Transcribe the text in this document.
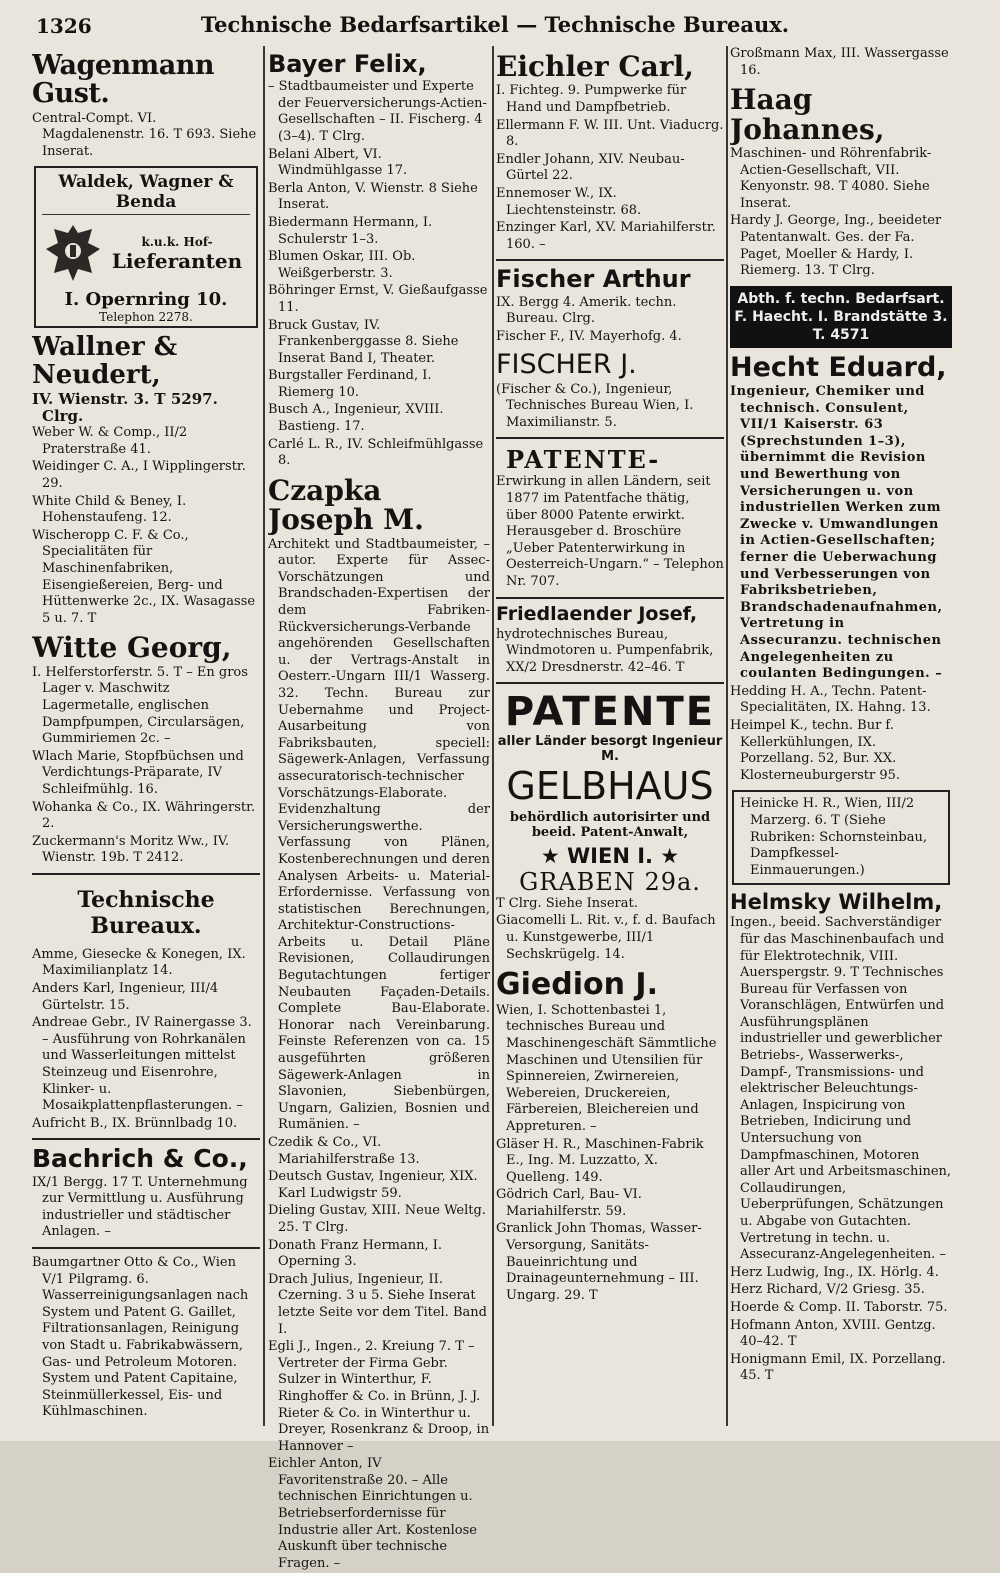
1326	Technische Bedarfsartikel — Technische Bureaux.
Wagenmann Gust.

Central-Compt. VI. Magdalenenstr. 16. T 693. Siehe Inserat.

Waldek, Wagner & Benda
k.u.k. Hof-
Lieferanten
I. Opernring 10.
Telephon 2278.
Wallner & Neudert,

IV. Wienstr. 3. T 5297. Clrg.

Weber W. & Comp., II/2 Praterstraße 41.

Weidinger C. A., I Wipplingerstr. 29.

White Child & Beney, I. Hohenstaufeng. 12.

Wischeropp C. F. & Co., Specialitäten für Maschinenfabriken, Eisengießereien, Berg- und Hüttenwerke 2c., IX. Wasagasse 5 u. 7. T

Witte Georg,

I. Helferstorferstr. 5. T – En gros Lager v. Maschwitz Lagermetalle, englischen Dampfpumpen, Circularsägen, Gummiriemen 2c. –

Wlach Marie, Stopfbüchsen und Verdichtungs-Präparate, IV Schleifmühlg. 16.

Wohanka & Co., IX. Währingerstr. 2.

Zuckermann's Moritz Ww., IV. Wienstr. 19b. T 2412.

Technische Bureaux.

Amme, Giesecke & Konegen, IX. Maximilianplatz 14.

Anders Karl, Ingenieur, III/4 Gürtelstr. 15.

Andreae Gebr., IV Rainergasse 3. – Ausführung von Rohrkanälen und Wasserleitungen mittelst Steinzeug und Eisenrohre, Klinker- u. Mosaikplattenpflasterungen. –

Aufricht B., IX. Brünnlbadg 10.

Bachrich & Co.,

IX/1 Bergg. 17 T. Unternehmung zur Vermittlung u. Ausführung industrieller und städtischer Anlagen. –

Baumgartner Otto & Co., Wien V/1 Pilgramg. 6. Wasserreinigungsanlagen nach System und Patent G. Gaillet, Filtrationsanlagen, Reinigung von Stadt u. Fabrikabwässern, Gas- und Petroleum Motoren. System und Patent Capitaine, Steinmüllerkessel, Eis- und Kühlmaschinen.

Bayer Felix,

– Stadtbaumeister und Experte der Feuerversicherungs-Actien-Gesellschaften – II. Fischerg. 4 (3–4). T Clrg.

Belani Albert, VI. Windmühlgasse 17.

Berla Anton, V. Wienstr. 8 Siehe Inserat.

Biedermann Hermann, I. Schulerstr 1–3.

Blumen Oskar, III. Ob. Weißgerberstr. 3.

Böhringer Ernst, V. Gießaufgasse 11.

Bruck Gustav, IV. Frankenberggasse 8. Siehe Inserat Band I, Theater.

Burgstaller Ferdinand, I. Riemerg 10.

Busch A., Ingenieur, XVIII. Bastieng. 17.

Carlé L. R., IV. Schleifmühlgasse 8.

Czapka Joseph M.

Architekt und Stadtbaumeister, – autor. Experte für Assec-Vorschätzungen und Brandschaden-Expertisen der dem Fabriken-Rückversicherungs-Verbande angehörenden Gesellschaften u. der Vertrags-Anstalt in Oesterr.-Ungarn III/1 Wasserg. 32. Techn. Bureau zur Uebernahme und Project-Ausarbeitung von Fabriksbauten, speciell: Sägewerk-Anlagen, Verfassung assecuratorisch-technischer Vorschätzungs-Elaborate. Evidenzhaltung der Versicherungswerthe. Verfassung von Plänen, Kostenberechnungen und deren Analysen Arbeits- u. Material-Erfordernisse. Verfassung von statistischen Berechnungen, Architektur-Constructions-Arbeits u. Detail Pläne Revisionen, Collaudirungen Begutachtungen fertiger Neubauten Façaden-Details. Complete Bau-Elaborate. Honorar nach Vereinbarung. Feinste Referenzen von ca. 15 ausgeführten größeren Sägewerk-Anlagen in Slavonien, Siebenbürgen, Ungarn, Galizien, Bosnien und Rumänien. –

Czedik & Co., VI. Mariahilferstraße 13.

Deutsch Gustav, Ingenieur, XIX. Karl Ludwigstr 59.

Dieling Gustav, XIII. Neue Weltg. 25. T Clrg.

Donath Franz Hermann, I. Operning 3.

Drach Julius, Ingenieur, II. Czerning. 3 u 5. Siehe Inserat letzte Seite vor dem Titel. Band I.

Egli J., Ingen., 2. Kreiung 7. T – Vertreter der Firma Gebr. Sulzer in Winterthur, F. Ringhoffer & Co. in Brünn, J. J. Rieter & Co. in Winterthur u. Dreyer, Rosenkranz & Droop, in Hannover –

Eichler Anton, IV Favoritenstraße 20. – Alle technischen Einrichtungen u. Betriebserfordernisse für Industrie aller Art. Kostenlose Auskunft über technische Fragen. –

Eichler Carl,

I. Fichteg. 9. Pumpwerke für Hand und Dampfbetrieb.

Ellermann F. W. III. Unt. Viaducrg. 8.

Endler Johann, XIV. Neubau-Gürtel 22.

Ennemoser W., IX. Liechtensteinstr. 68.

Enzinger Karl, XV. Mariahilferstr. 160. –

Fischer Arthur

IX. Bergg 4. Amerik. techn. Bureau. Clrg.

Fischer F., IV. Mayerhofg. 4.

FISCHER J.

(Fischer & Co.), Ingenieur, Technisches Bureau Wien, I. Maximilianstr. 5.

PATENTE-

Erwirkung in allen Ländern, seit 1877 im Patentfache thätig, über 8000 Patente erwirkt. Herausgeber d. Broschüre „Ueber Patenterwirkung in Oesterreich-Ungarn.“ – Telephon Nr. 707.

Friedlaender Josef,

hydrotechnisches Bureau, Windmotoren u. Pumpenfabrik, XX/2 Dresdnerstr. 42–46. T

PATENTE
aller Länder besorgt Ingenieur M.
GELBHAUS
behördlich autorisirter und beeid. Patent-Anwalt,
★ WIEN I. ★
GRABEN 29a.

T Clrg. Siehe Inserat.

Giacomelli L. Rit. v., f. d. Baufach u. Kunstgewerbe, III/1 Sechskrügelg. 14.

Giedion J.

Wien, I. Schottenbastei 1, technisches Bureau und Maschinengeschäft Sämmtliche Maschinen und Utensilien für Spinnereien, Zwirnereien, Webereien, Druckereien, Färbereien, Bleichereien und Appreturen. –

Gläser H. R., Maschinen-Fabrik E., Ing. M. Luzzatto, X. Quelleng. 149.

Gödrich Carl, Bau- VI. Mariahilferstr. 59.

Granlick John Thomas, Wasser-Versorgung, Sanitäts-Baueinrichtung und Drainageunternehmung – III. Ungarg. 29. T

Großmann Max, III. Wassergasse 16.

Haag Johannes,

Maschinen- und Röhrenfabrik-Actien-Gesellschaft, VII. Kenyonstr. 98. T 4080. Siehe Inserat.

Hardy J. George, Ing., beeideter Patentanwalt. Ges. der Fa. Paget, Moeller & Hardy, I. Riemerg. 13. T Clrg.

Abth. f. techn. Bedarfsart.
F. Haecht. I. Brandstätte 3. T. 4571
Hecht Eduard,

Ingenieur, Chemiker und technisch. Consulent, VII/1 Kaiserstr. 63 (Sprechstunden 1–3), übernimmt die Revision und Bewerthung von Versicherungen u. von industriellen Werken zum Zwecke v. Umwandlungen in Actien-Gesellschaften; ferner die Ueberwachung und Verbesserungen von Fabriksbetrieben, Brandschadenaufnahmen, Vertretung in Assecuranzu. technischen Angelegenheiten zu coulanten Bedingungen. –

Hedding H. A., Techn. Patent-Specialitäten, IX. Hahng. 13.

Heimpel K., techn. Bur f. Kellerkühlungen, IX. Porzellang. 52, Bur. XX. Klosterneuburgerstr 95.

Heinicke H. R., Wien, III/2 Marzerg. 6. T (Siehe Rubriken: Schornsteinbau, Dampfkessel-Einmauerungen.)

Helmsky Wilhelm,

Ingen., beeid. Sachverständiger für das Maschinenbaufach und für Elektrotechnik, VIII. Auerspergstr. 9. T Technisches Bureau für Verfassen von Voranschlägen, Entwürfen und Ausführungsplänen industrieller und gewerblicher Betriebs-, Wasserwerks-, Dampf-, Transmissions- und elektrischer Beleuchtungs-Anlagen, Inspicirung von Betrieben, Indicirung und Untersuchung von Dampfmaschinen, Motoren aller Art und Arbeitsmaschinen, Collaudirungen, Ueberprüfungen, Schätzungen u. Abgabe von Gutachten. Vertretung in techn. u. Assecuranz-Angelegenheiten. –

Herz Ludwig, Ing., IX. Hörlg. 4.

Herz Richard, V/2 Griesg. 35.

Hoerde & Comp. II. Taborstr. 75.

Hofmann Anton, XVIII. Gentzg. 40–42. T

Honigmann Emil, IX. Porzellang. 45. T
